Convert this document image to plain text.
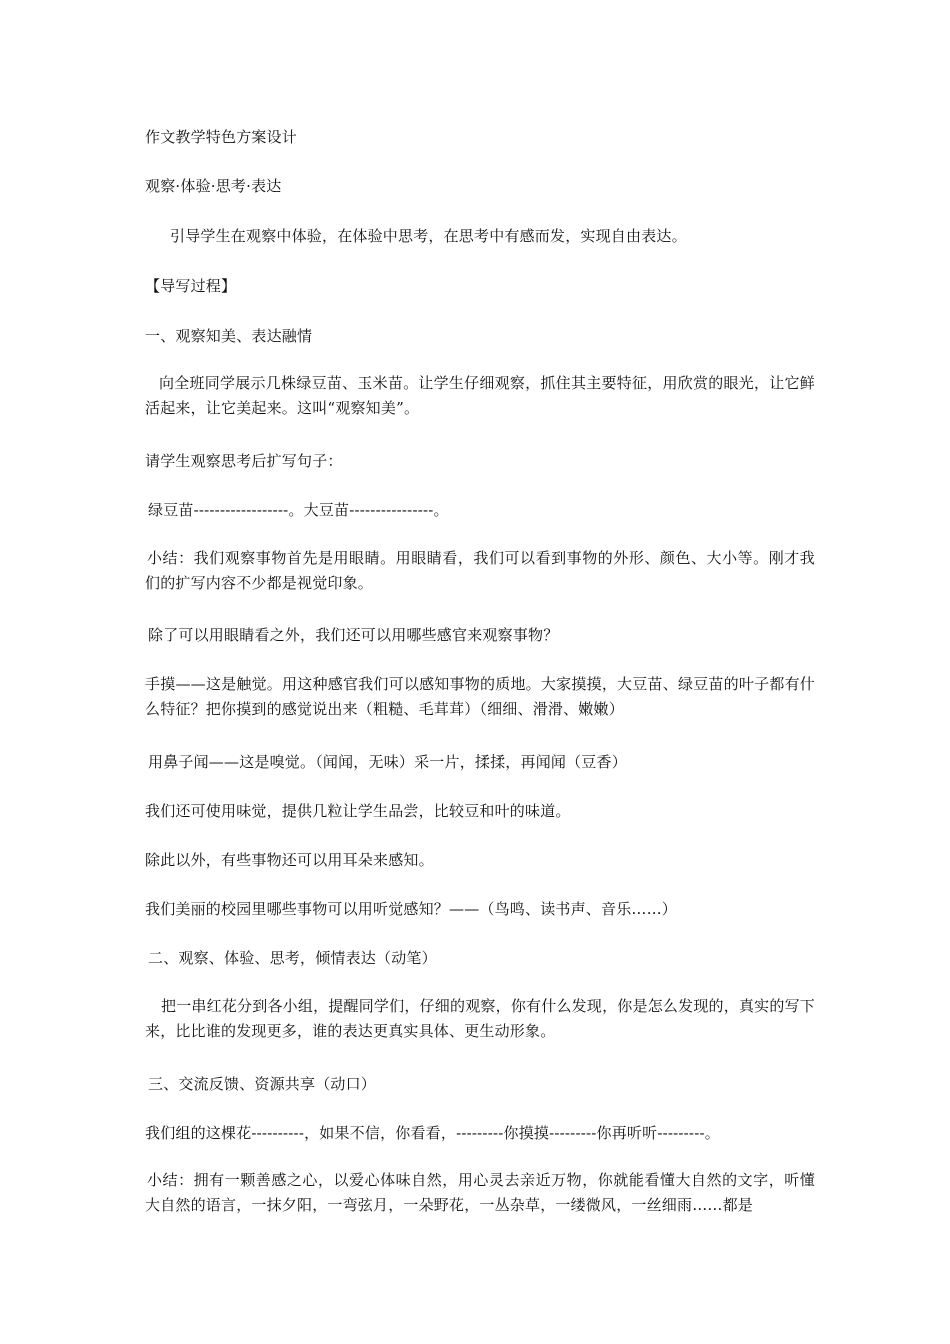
作文教学特色方案设计
观察·体验·思考·表达
引导学生在观察中体验，在体验中思考，在思考中有感而发，实现自由表达。
【导写过程】
一、观察知美、表达融情
向全班同学展示几株绿豆苗、玉米苗。让学生仔细观察，抓住其主要特征，用欣赏的眼光，让它鲜活起来，让它美起来。这叫“观察知美”。
请学生观察思考后扩写句子：
绿豆苗------------------。大豆苗----------------。
小结：我们观察事物首先是用眼睛。用眼睛看，我们可以看到事物的外形、颜色、大小等。刚才我们的扩写内容不少都是视觉印象。
除了可以用眼睛看之外，我们还可以用哪些感官来观察事物？
手摸——这是触觉。用这种感官我们可以感知事物的质地。大家摸摸，大豆苗、绿豆苗的叶子都有什么特征？把你摸到的感觉说出来（粗糙、毛茸茸）（细细、滑滑、嫩嫩）
用鼻子闻——这是嗅觉。（闻闻，无味）采一片，揉揉，再闻闻（豆香）
我们还可使用味觉，提供几粒让学生品尝，比较豆和叶的味道。
除此以外，有些事物还可以用耳朵来感知。
我们美丽的校园里哪些事物可以用听觉感知？——（鸟鸣、读书声、音乐……）
二、观察、体验、思考，倾情表达（动笔）
把一串红花分到各小组，提醒同学们，仔细的观察，你有什么发现，你是怎么发现的，真实的写下来，比比谁的发现更多，谁的表达更真实具体、更生动形象。
三、交流反馈、资源共享（动口）
我们组的这棵花----------，如果不信，你看看，---------你摸摸---------你再听听---------。
小结：拥有一颗善感之心，以爱心体味自然，用心灵去亲近万物，你就能看懂大自然的文字，听懂大自然的语言，一抹夕阳，一弯弦月，一朵野花，一丛杂草，一缕微风，一丝细雨……都是
